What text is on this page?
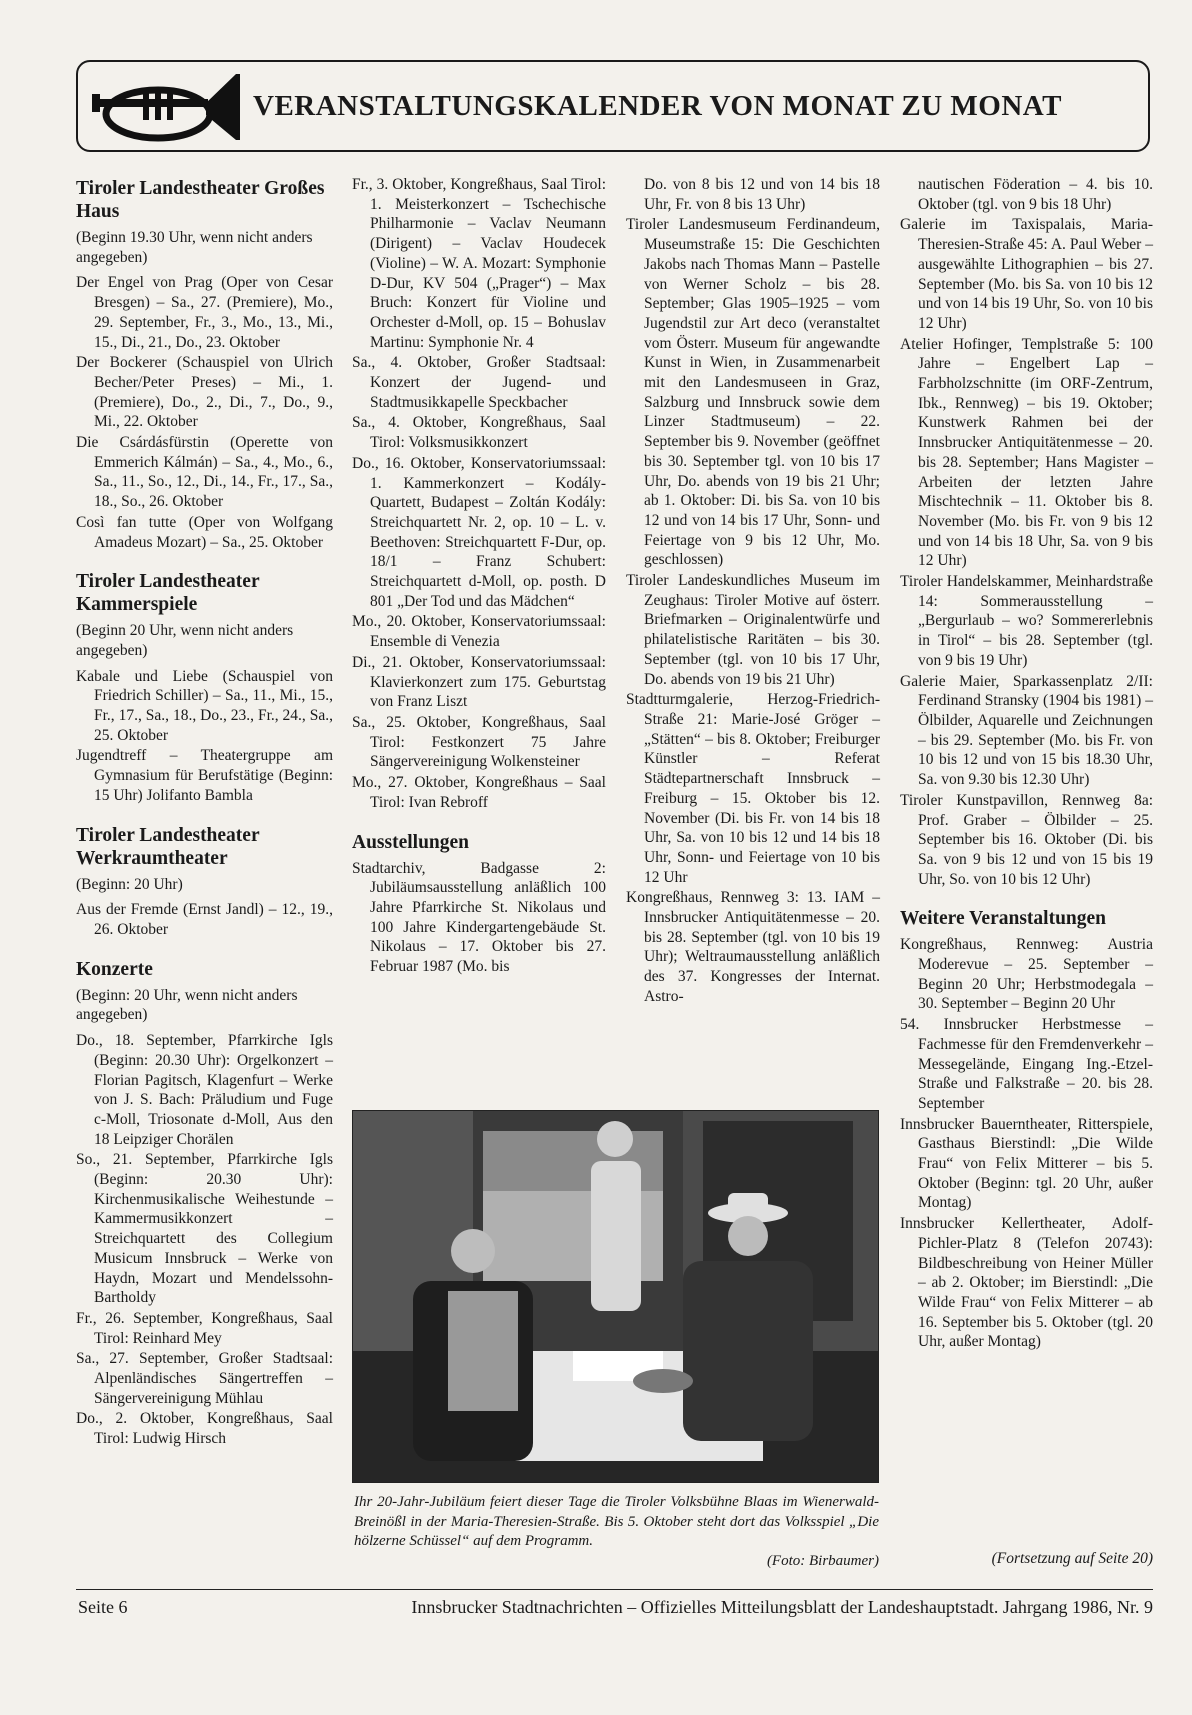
VERANSTALTUNGSKALENDER VON MONAT ZU MONAT
Tiroler Landestheater Großes Haus
(Beginn 19.30 Uhr, wenn nicht anders angegeben)
Der Engel von Prag (Oper von Cesar Bresgen) – Sa., 27. (Premiere), Mo., 29. September, Fr., 3., Mo., 13., Mi., 15., Di., 21., Do., 23. Oktober
Der Bockerer (Schauspiel von Ulrich Becher/Peter Preses) – Mi., 1. (Premiere), Do., 2., Di., 7., Do., 9., Mi., 22. Oktober
Die Csárdásfürstin (Operette von Emmerich Kálmán) – Sa., 4., Mo., 6., Sa., 11., So., 12., Di., 14., Fr., 17., Sa., 18., So., 26. Oktober
Così fan tutte (Oper von Wolfgang Amadeus Mozart) – Sa., 25. Oktober
Tiroler Landestheater Kammerspiele
(Beginn 20 Uhr, wenn nicht anders angegeben)
Kabale und Liebe (Schauspiel von Friedrich Schiller) – Sa., 11., Mi., 15., Fr., 17., Sa., 18., Do., 23., Fr., 24., Sa., 25. Oktober
Jugendtreff – Theatergruppe am Gymnasium für Berufstätige (Beginn: 15 Uhr) Jolifanto Bambla
Tiroler Landestheater Werkraumtheater
(Beginn: 20 Uhr)
Aus der Fremde (Ernst Jandl) – 12., 19., 26. Oktober
Konzerte
(Beginn: 20 Uhr, wenn nicht anders angegeben)
Do., 18. September, Pfarrkirche Igls (Beginn: 20.30 Uhr): Orgelkonzert – Florian Pagitsch, Klagenfurt – Werke von J. S. Bach: Präludium und Fuge c-Moll, Triosonate d-Moll, Aus den 18 Leipziger Chorälen
So., 21. September, Pfarrkirche Igls (Beginn: 20.30 Uhr): Kirchenmusikalische Weihestunde – Kammermusikkonzert – Streichquartett des Collegium Musicum Innsbruck – Werke von Haydn, Mozart und Mendelssohn-Bartholdy
Fr., 26. September, Kongreßhaus, Saal Tirol: Reinhard Mey
Sa., 27. September, Großer Stadtsaal: Alpenländisches Sängertreffen – Sängervereinigung Mühlau
Do., 2. Oktober, Kongreßhaus, Saal Tirol: Ludwig Hirsch
Fr., 3. Oktober, Kongreßhaus, Saal Tirol: 1. Meisterkonzert – Tschechische Philharmonie – Vaclav Neumann (Dirigent) – Vaclav Houdecek (Violine) – W. A. Mozart: Symphonie D-Dur, KV 504 („Prager“) – Max Bruch: Konzert für Violine und Orchester d-Moll, op. 15 – Bohuslav Martinu: Symphonie Nr. 4
Sa., 4. Oktober, Großer Stadtsaal: Konzert der Jugend- und Stadtmusikkapelle Speckbacher
Sa., 4. Oktober, Kongreßhaus, Saal Tirol: Volksmusikkonzert
Do., 16. Oktober, Konservatoriumssaal: 1. Kammerkonzert – Kodály-Quartett, Budapest – Zoltán Kodály: Streichquartett Nr. 2, op. 10 – L. v. Beethoven: Streichquartett F-Dur, op. 18/1 – Franz Schubert: Streichquartett d-Moll, op. posth. D 801 „Der Tod und das Mädchen“
Mo., 20. Oktober, Konservatoriumssaal: Ensemble di Venezia
Di., 21. Oktober, Konservatoriumssaal: Klavierkonzert zum 175. Geburtstag von Franz Liszt
Sa., 25. Oktober, Kongreßhaus, Saal Tirol: Festkonzert 75 Jahre Sängervereinigung Wolkensteiner
Mo., 27. Oktober, Kongreßhaus – Saal Tirol: Ivan Rebroff
Ausstellungen
Stadtarchiv, Badgasse 2: Jubiläumsausstellung anläßlich 100 Jahre Pfarrkirche St. Nikolaus und 100 Jahre Kindergartengebäude St. Nikolaus – 17. Oktober bis 27. Februar 1987 (Mo. bis
Do. von 8 bis 12 und von 14 bis 18 Uhr, Fr. von 8 bis 13 Uhr)
Tiroler Landesmuseum Ferdinandeum, Museumstraße 15: Die Geschichten Jakobs nach Thomas Mann – Pastelle von Werner Scholz – bis 28. September; Glas 1905–1925 – vom Jugendstil zur Art deco (veranstaltet vom Österr. Museum für angewandte Kunst in Wien, in Zusammenarbeit mit den Landesmuseen in Graz, Salzburg und Innsbruck sowie dem Linzer Stadtmuseum) – 22. September bis 9. November (geöffnet bis 30. September tgl. von 10 bis 17 Uhr, Do. abends von 19 bis 21 Uhr; ab 1. Oktober: Di. bis Sa. von 10 bis 12 und von 14 bis 17 Uhr, Sonn- und Feiertage von 9 bis 12 Uhr, Mo. geschlossen)
Tiroler Landeskundliches Museum im Zeughaus: Tiroler Motive auf österr. Briefmarken – Originalentwürfe und philatelistische Raritäten – bis 30. September (tgl. von 10 bis 17 Uhr, Do. abends von 19 bis 21 Uhr)
Stadtturmgalerie, Herzog-Friedrich-Straße 21: Marie-José Gröger – „Stätten“ – bis 8. Oktober; Freiburger Künstler – Referat Städtepartnerschaft Innsbruck – Freiburg – 15. Oktober bis 12. November (Di. bis Fr. von 14 bis 18 Uhr, Sa. von 10 bis 12 und 14 bis 18 Uhr, Sonn- und Feiertage von 10 bis 12 Uhr
Kongreßhaus, Rennweg 3: 13. IAM – Innsbrucker Antiquitätenmesse – 20. bis 28. September (tgl. von 10 bis 19 Uhr); Weltraumausstellung anläßlich des 37. Kongresses der Internat. Astro-
nautischen Föderation – 4. bis 10. Oktober (tgl. von 9 bis 18 Uhr)
Galerie im Taxispalais, Maria-Theresien-Straße 45: A. Paul Weber – ausgewählte Lithographien – bis 27. September (Mo. bis Sa. von 10 bis 12 und von 14 bis 19 Uhr, So. von 10 bis 12 Uhr)
Atelier Hofinger, Templstraße 5: 100 Jahre – Engelbert Lap – Farbholzschnitte (im ORF-Zentrum, Ibk., Rennweg) – bis 19. Oktober; Kunstwerk Rahmen bei der Innsbrucker Antiquitätenmesse – 20. bis 28. September; Hans Magister – Arbeiten der letzten Jahre Mischtechnik – 11. Oktober bis 8. November (Mo. bis Fr. von 9 bis 12 und von 14 bis 18 Uhr, Sa. von 9 bis 12 Uhr)
Tiroler Handelskammer, Meinhardstraße 14: Sommerausstellung – „Bergurlaub – wo? Sommererlebnis in Tirol“ – bis 28. September (tgl. von 9 bis 19 Uhr)
Galerie Maier, Sparkassenplatz 2/II: Ferdinand Stransky (1904 bis 1981) – Ölbilder, Aquarelle und Zeichnungen – bis 29. September (Mo. bis Fr. von 10 bis 12 und von 15 bis 18.30 Uhr, Sa. von 9.30 bis 12.30 Uhr)
Tiroler Kunstpavillon, Rennweg 8a: Prof. Graber – Ölbilder – 25. September bis 16. Oktober (Di. bis Sa. von 9 bis 12 und von 15 bis 19 Uhr, So. von 10 bis 12 Uhr)
Weitere Veranstaltungen
Kongreßhaus, Rennweg: Austria Moderevue – 25. September – Beginn 20 Uhr; Herbstmodegala – 30. September – Beginn 20 Uhr
54. Innsbrucker Herbstmesse – Fachmesse für den Fremdenverkehr – Messegelände, Eingang Ing.-Etzel-Straße und Falkstraße – 20. bis 28. September
Innsbrucker Bauerntheater, Ritterspiele, Gasthaus Bierstindl: „Die Wilde Frau“ von Felix Mitterer – bis 5. Oktober (Beginn: tgl. 20 Uhr, außer Montag)
Innsbrucker Kellertheater, Adolf-Pichler-Platz 8 (Telefon 20743): Bildbeschreibung von Heiner Müller – ab 2. Oktober; im Bierstindl: „Die Wilde Frau“ von Felix Mitterer – ab 16. September bis 5. Oktober (tgl. 20 Uhr, außer Montag)
(Fortsetzung auf Seite 20)
Ihr 20-Jahr-Jubiläum feiert dieser Tage die Tiroler Volksbühne Blaas im Wienerwald-Breinößl in der Maria-Theresien-Straße. Bis 5. Oktober steht dort das Volksspiel „Die hölzerne Schüssel“ auf dem Programm.
(Foto: Birbaumer)
Seite 6	Innsbrucker Stadtnachrichten – Offizielles Mitteilungsblatt der Landeshauptstadt. Jahrgang 1986, Nr. 9
